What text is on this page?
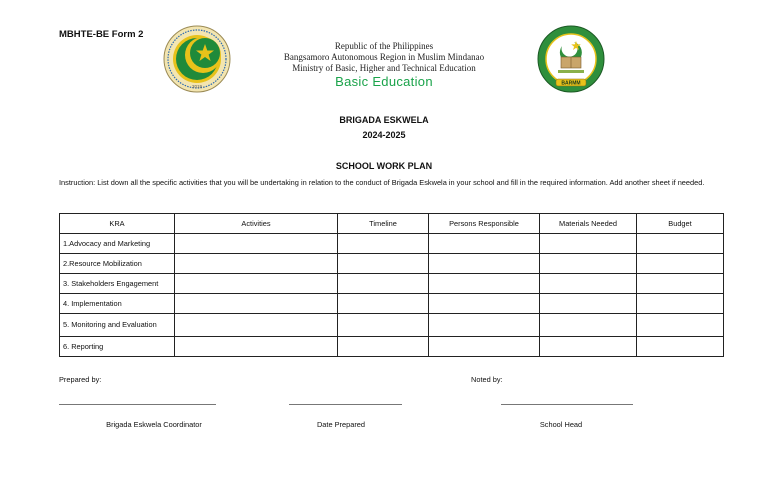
MBHTE-BE Form 2
2019
Republic of the Philippines
Bangsamoro Autonomous Region in Muslim Mindanao
Ministry of Basic, Higher and Technical Education
Basic Education	BARMM
BRIGADA ESKWELA
2024-2025
SCHOOL WORK PLAN
Instruction: List down all the specific activities that you will be undertaking in relation to the conduct of Brigada Eskwela in your school and fill in the required information. Add another sheet if needed.
KRA	Activities	Timeline	Persons Responsible	Materials Needed	Budget
1.Advocacy and Marketing					
2.Resource Mobilization					
3. Stakeholders Engagement					
4. Implementation					
5. Monitoring and Evaluation					
6. Reporting					
Prepared by:	Noted by:
Brigada Eskwela Coordinator	Date Prepared	School Head
